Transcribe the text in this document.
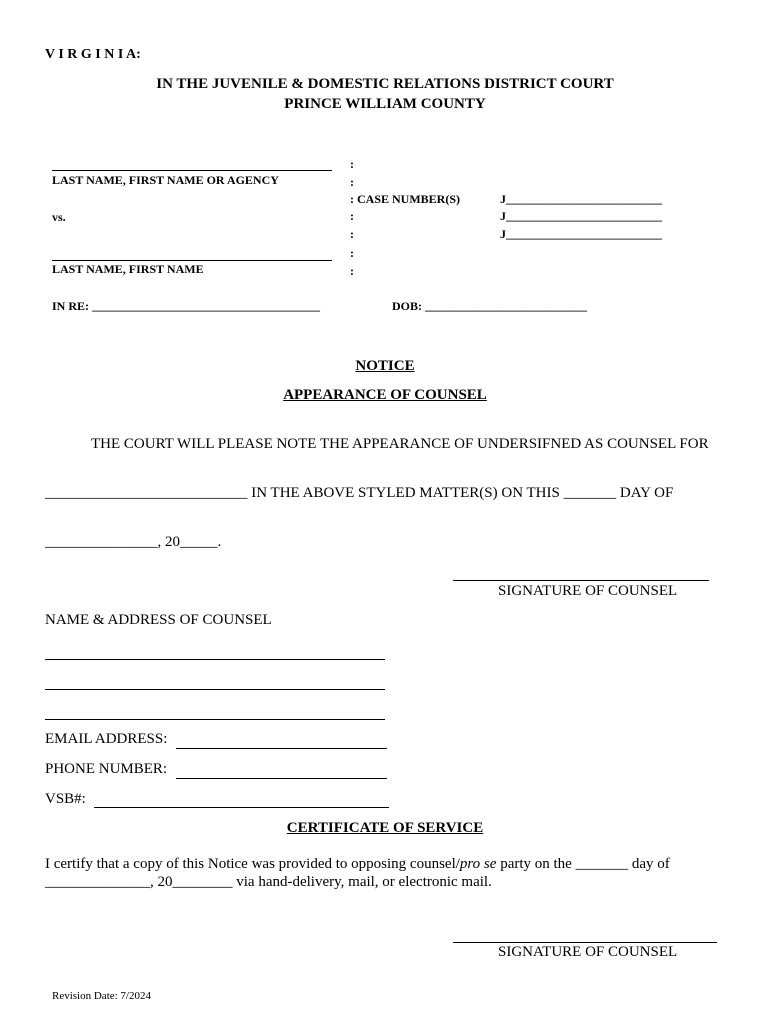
V I R G I N I A:
IN THE JUVENILE & DOMESTIC RELATIONS DISTRICT COURT
PRINCE WILLIAM COUNTY
LAST NAME, FIRST NAME OR AGENCY
vs.
LAST NAME, FIRST NAME
:
:
: CASE NUMBER(S)
:
:
:
:
J__________________________
J__________________________
J__________________________
IN RE: ______________________________________	DOB: ___________________________
NOTICE
APPEARANCE OF COUNSEL
THE COURT WILL PLEASE NOTE THE APPEARANCE OF UNDERSIFNED AS COUNSEL FOR
___________________________ IN THE ABOVE STYLED MATTER(S) ON THIS _______ DAY OF
_______________, 20_____.
SIGNATURE OF COUNSEL
NAME & ADDRESS OF COUNSEL
EMAIL ADDRESS:
PHONE NUMBER:
VSB#:
CERTIFICATE OF SERVICE
I certify that a copy of this Notice was provided to opposing counsel/pro se party on the _______ day of
______________, 20________ via hand-delivery, mail, or electronic mail.
SIGNATURE OF COUNSEL
Revision Date: 7/2024
